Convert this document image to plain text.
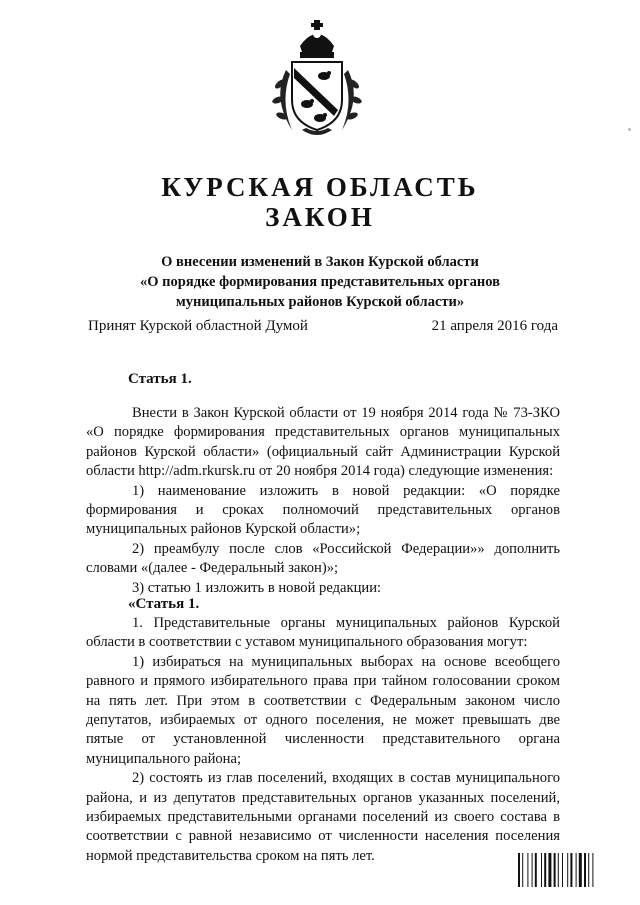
КУРСКАЯ ОБЛАСТЬ
ЗАКОН
О внесении изменений в Закон Курской области
«О порядке формирования представительных органов
муниципальных районов Курской области»
Принят Курской областной Думой	21 апреля 2016 года
Статья 1.

Внести в Закон Курской области от 19 ноября 2014 года № 73-ЗКО «О порядке формирования представительных органов муниципальных районов Курской области» (официальный сайт Администрации Курской области http://adm.rkursk.ru от 20 ноября 2014 года) следующие изменения:

1) наименование изложить в новой редакции: «О порядке формирования и сроках полномочий представительных органов муниципальных районов Курской области»;

2) преамбулу после слов «Российской Федерации»» дополнить словами «(далее - Федеральный закон)»;

3) статью 1 изложить в новой редакции:

«Статья 1.

1. Представительные органы муниципальных районов Курской области в соответствии с уставом муниципального образования могут:

1) избираться на муниципальных выборах на основе всеобщего равного и прямого избирательного права при тайном голосовании сроком на пять лет. При этом в соответствии с Федеральным законом число депутатов, избираемых от одного поселения, не может превышать две пятые от установленной численности представительного органа муниципального района;

2) состоять из глав поселений, входящих в состав муниципального района, и из депутатов представительных органов указанных поселений, избираемых представительными органами поселений из своего состава в соответствии с равной независимо от численности населения поселения нормой представительства сроком на пять лет.
